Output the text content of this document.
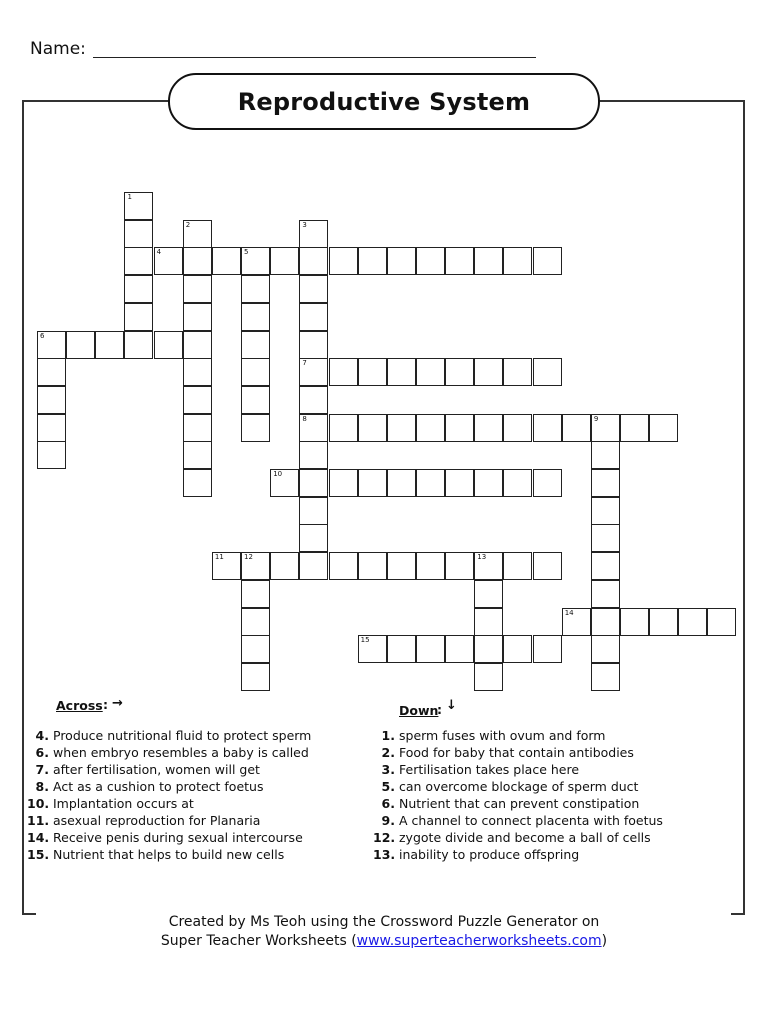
Name:
Reproductive System
1
2	3
7
8
4	5
6
9
10
11	12	13
14
15
Across : →
4. Produce nutritional fluid to protect sperm
6. when embryo resembles a baby is called
7. after fertilisation, women will get
8. Act as a cushion to protect foetus
10. Implantation occurs at
11. asexual reproduction for Planaria
14. Receive penis during sexual intercourse
15. Nutrient that helps to build new cells
Down
: ↓
1. sperm fuses with ovum and form
2. Food for baby that contain antibodies
3. Fertilisation takes place here
5. can overcome blockage of sperm duct
6. Nutrient that can prevent constipation
9. A channel to connect placenta with foetus
12. zygote divide and become a ball of cells
13. inability to produce offspring
Created by Ms Teoh using the Crossword Puzzle Generator on
Super Teacher Worksheets (www.superteacherworksheets.com)
